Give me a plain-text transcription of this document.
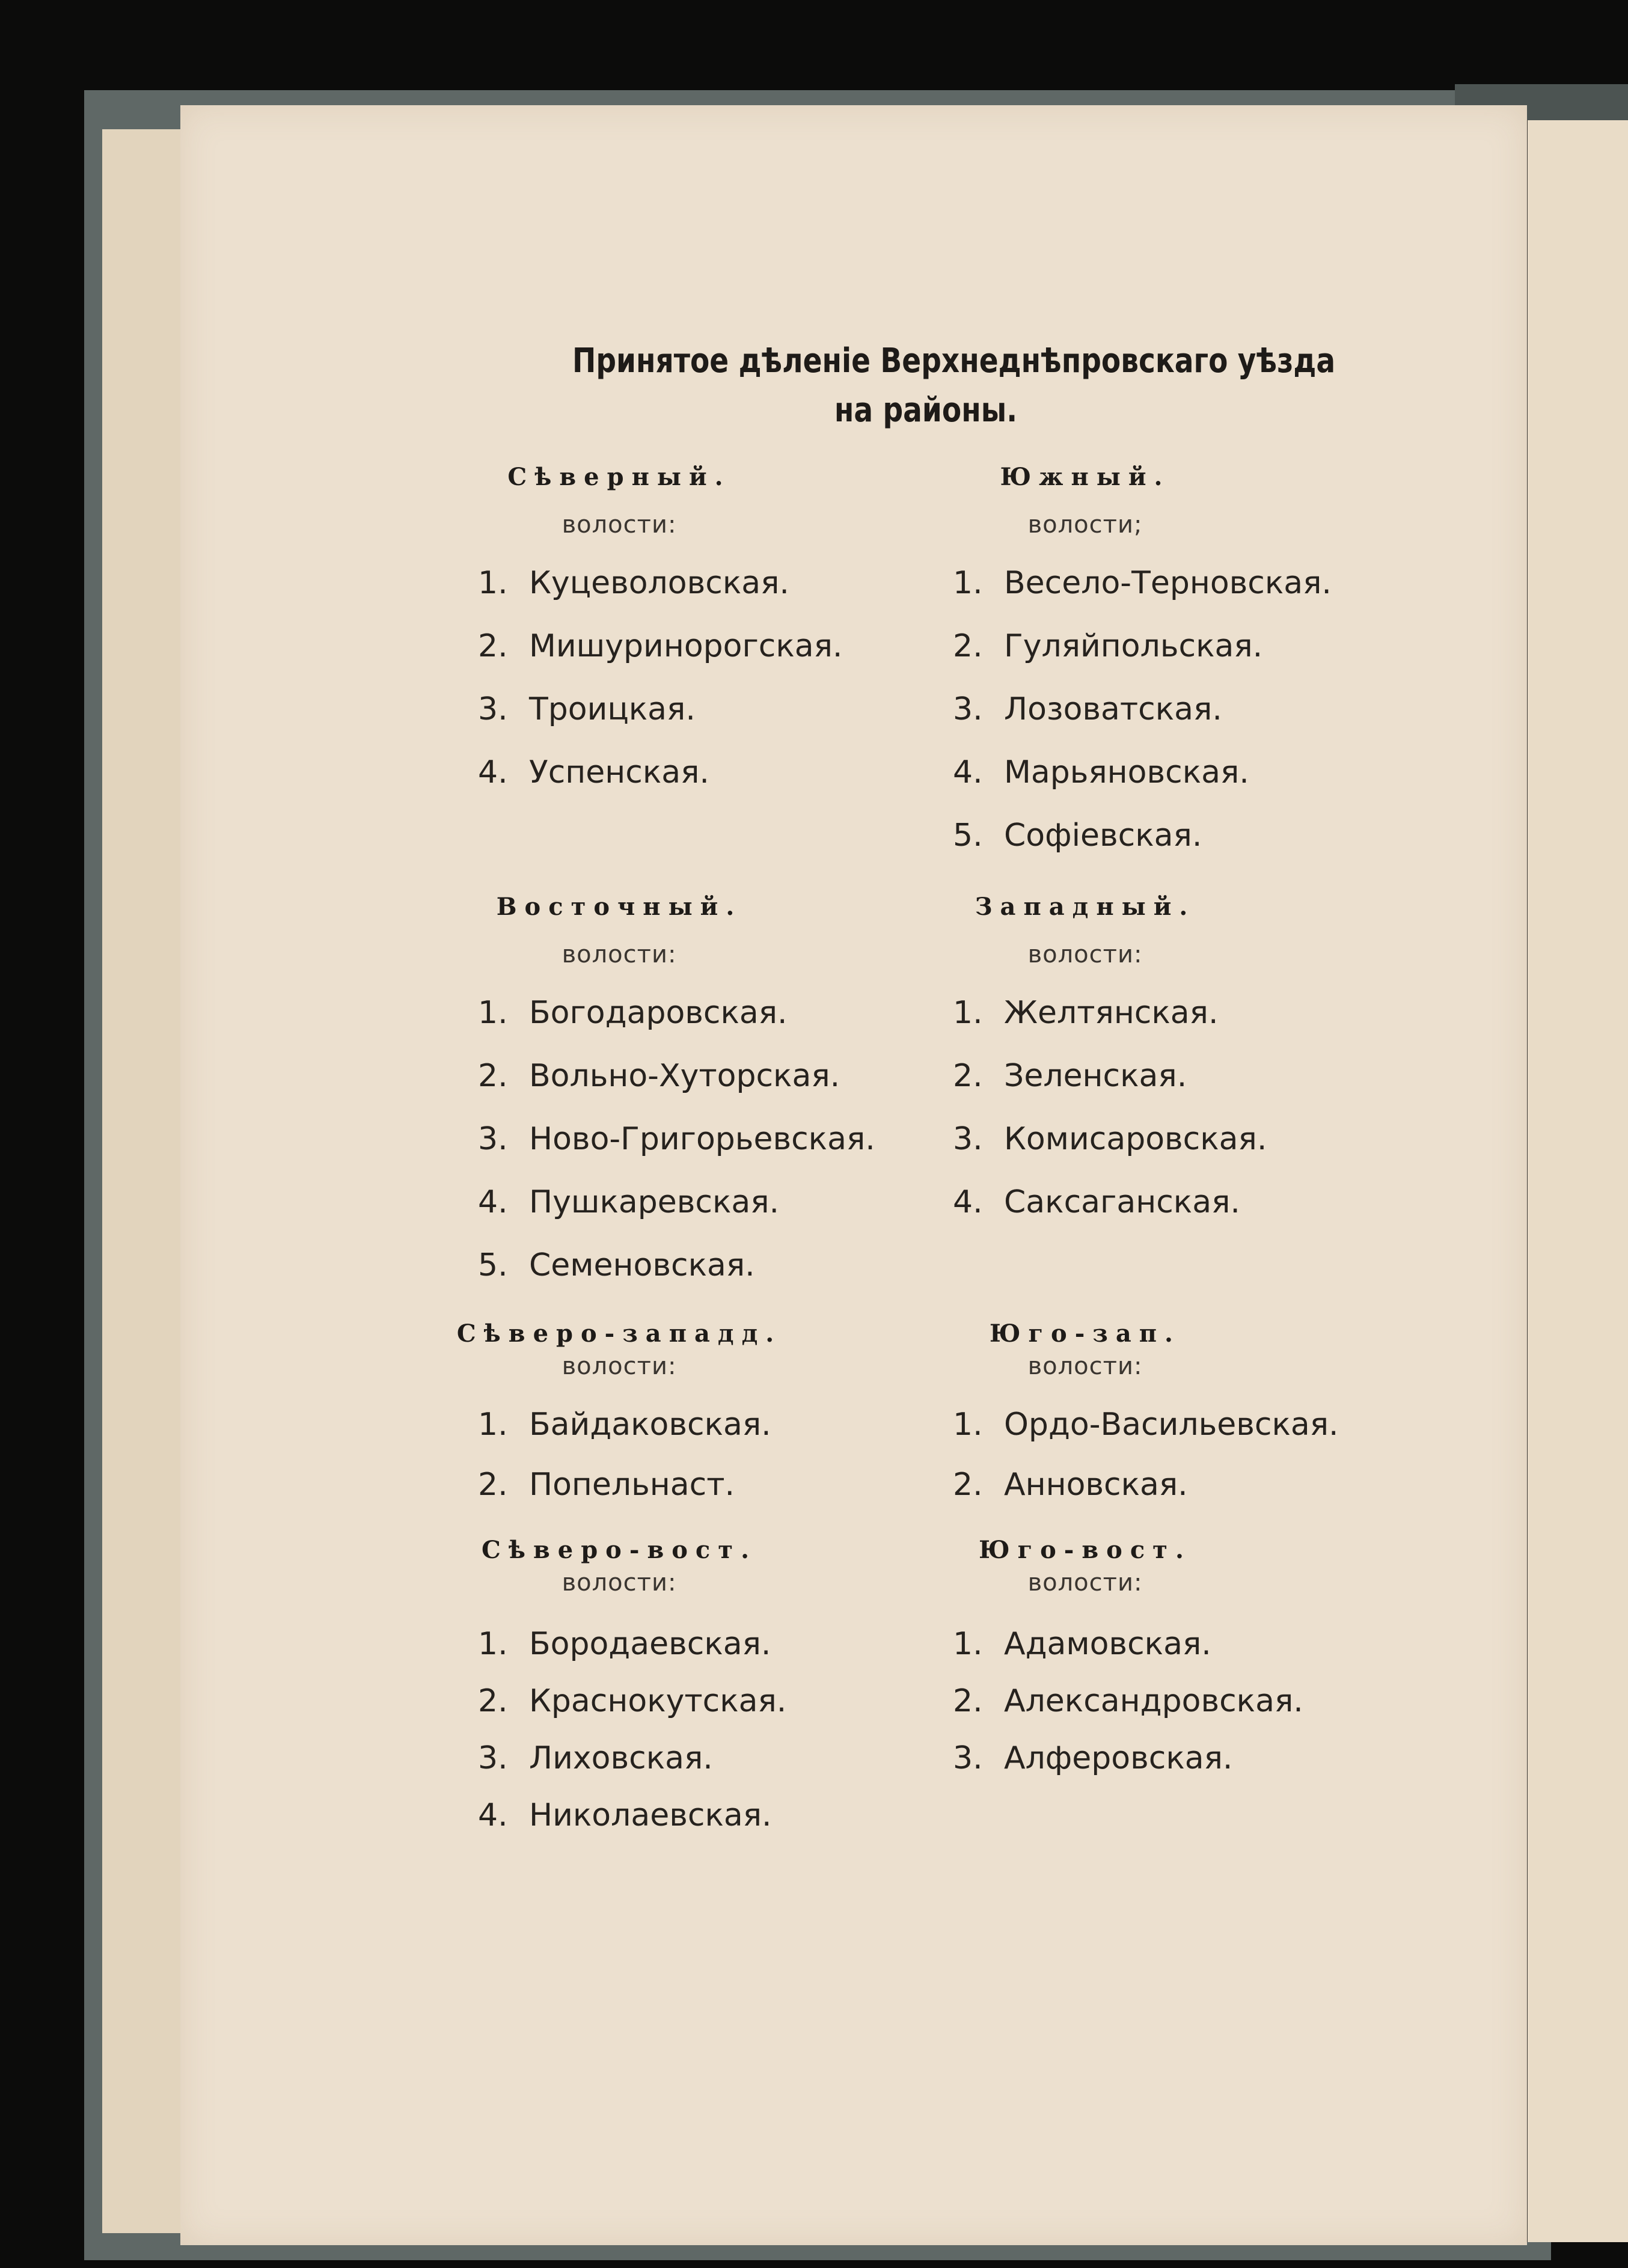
Принятое дѣленіе Верхнеднѣпровскаго уѣзда
на районы.
Сѣверный.
волости:
Южный.
волости;
1. Куцеволовская.
2. Мишуринорогская.
3. Троицкая.
4. Успенская.
1. Весело-Терновская.
2. Гуляйпольская.
3. Лозоватская.
4. Марьяновская.
5. Софіевская.
Восточный.
волости:
Западный.
волости:
1. Богодаровская.
2. Вольно-Хуторская.
3. Ново-Григорьевская.
4. Пушкаревская.
5. Семеновская.
1. Желтянская.
2. Зеленская.
3. Комисаровская.
4. Саксаганская.
Сѣверо-западд.
волости:
Юго-зап.
волости:
1. Байдаковская.
2. Попельнаст.
1. Ордо-Васильевская.
2. Анновская.
Сѣверо-вост.
волости:
Юго-вост.
волости:
1. Бородаевская.
2. Краснокутская.
3. Лиховская.
4. Николаевская.
1. Адамовская.
2. Александровская.
3. Алферовская.
